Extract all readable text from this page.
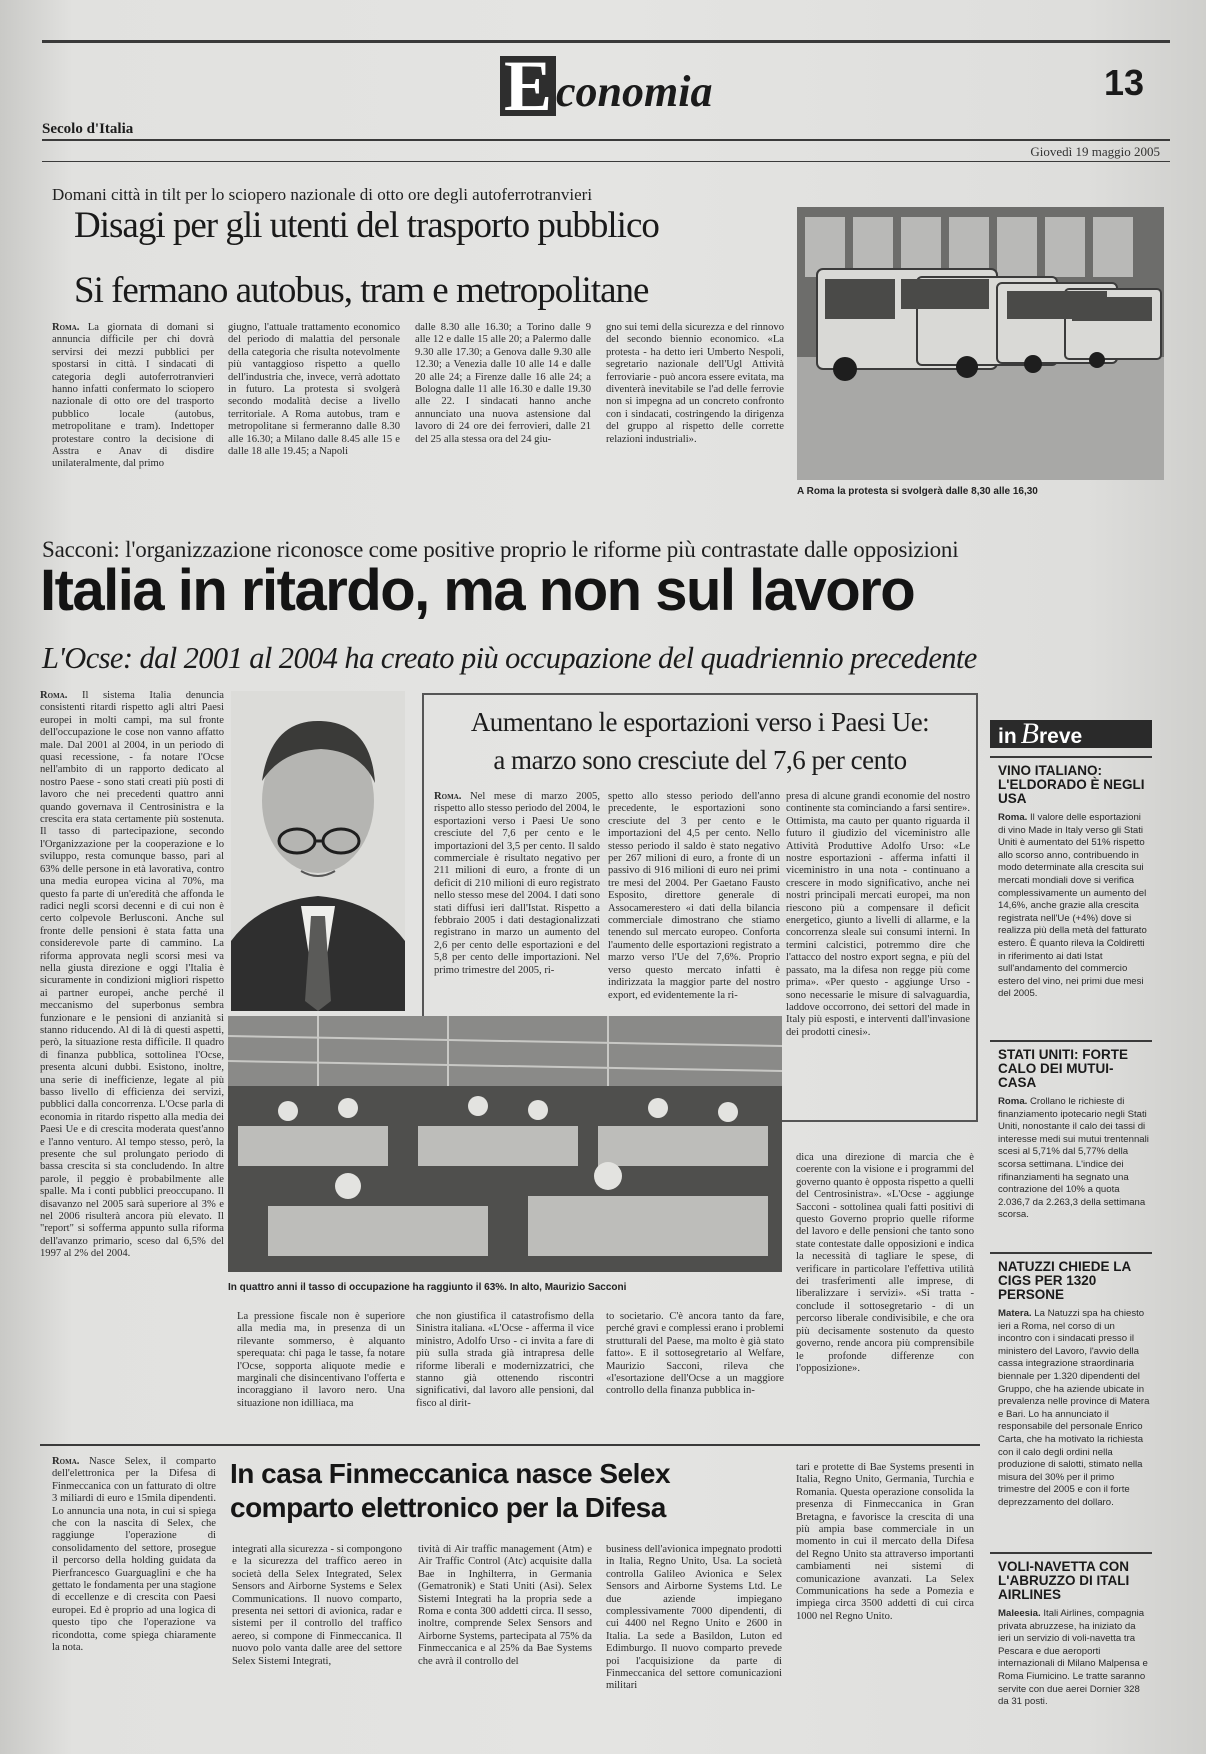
Economia	13
Secolo d'Italia
Giovedì 19 maggio 2005
Domani città in tilt per lo sciopero nazionale di otto ore degli autoferrotranvieri
Disagi per gli utenti del trasporto pubblico
Si fermano autobus, tram e metropolitane
Roma. La giornata di domani si annuncia difficile per chi dovrà servirsi dei mezzi pubblici per spostarsi in città. I sindacati di categoria degli autoferrotranvieri hanno infatti confermato lo sciopero nazionale di otto ore del trasporto pubblico locale (autobus, metropolitane e tram). Indettoper protestare contro la decisione di Asstra e Anav di disdire unilateralmente, dal primo
giugno, l'attuale trattamento economico del periodo di malattia del personale della categoria che risulta notevolmente più vantaggioso rispetto a quello dell'industria che, invece, verrà adottato in futuro. La protesta si svolgerà secondo modalità decise a livello territoriale. A Roma autobus, tram e metropolitane si fermeranno dalle 8.30 alle 16.30; a Milano dalle 8.45 alle 15 e dalle 18 alle 19.45; a Napoli
dalle 8.30 alle 16.30; a Torino dalle 9 alle 12 e dalle 15 alle 20; a Palermo dalle 9.30 alle 17.30; a Genova dalle 9.30 alle 12.30; a Venezia dalle 10 alle 14 e dalle 20 alle 24; a Firenze dalle 16 alle 24; a Bologna dalle 11 alle 16.30 e dalle 19.30 alle 22. I sindacati hanno anche annunciato una nuova astensione dal lavoro di 24 ore dei ferrovieri, dalle 21 del 25 alla stessa ora del 24 giu-
gno sui temi della sicurezza e del rinnovo del secondo biennio economico. «La protesta - ha detto ieri Umberto Nespoli, segretario nazionale dell'Ugl Attività ferroviarie - può ancora essere evitata, ma diventerà inevitabile se l'ad delle ferrovie non si impegna ad un concreto confronto con i sindacati, costringendo la dirigenza del gruppo al rispetto delle corrette relazioni industriali».
A Roma la protesta si svolgerà dalle 8,30 alle 16,30
Sacconi: l'organizzazione riconosce come positive proprio le riforme più contrastate dalle opposizioni
Italia in ritardo, ma non sul lavoro
L'Ocse: dal 2001 al 2004 ha creato più occupazione del quadriennio precedente
Roma. Il sistema Italia denuncia consistenti ritardi rispetto agli altri Paesi europei in molti campi, ma sul fronte dell'occupazione le cose non vanno affatto male. Dal 2001 al 2004, in un periodo di quasi recessione, - fa notare l'Ocse nell'ambito di un rapporto dedicato al nostro Paese - sono stati creati più posti di lavoro che nei precedenti quattro anni quando governava il Centrosinistra e la crescita era stata certamente più sostenuta. Il tasso di partecipazione, secondo l'Organizzazione per la cooperazione e lo sviluppo, resta comunque basso, pari al 63% delle persone in età lavorativa, contro una media europea vicina al 70%, ma questo fa parte di un'eredità che affonda le radici negli scorsi decenni e di cui non è certo colpevole Berlusconi. Anche sul fronte delle pensioni è stata fatta una considerevole parte di cammino. La riforma approvata negli scorsi mesi va nella giusta direzione e oggi l'Italia è sicuramente in condizioni migliori rispetto ai partner europei, anche perché il meccanismo del superbonus sembra funzionare e le pensioni di anzianità si stanno riducendo. Al di là di questi aspetti, però, la situazione resta difficile. Il quadro di finanza pubblica, sottolinea l'Ocse, presenta alcuni dubbi. Esistono, inoltre, una serie di inefficienze, legate al più basso livello di efficienza dei servizi, pubblici dalla concorrenza. L'Ocse parla di economia in ritardo rispetto alla media dei Paesi Ue e di crescita moderata quest'anno e l'anno venturo. Al tempo stesso, però, la presente che sul prolungato periodo di bassa crescita si sta concludendo. In altre parole, il peggio è probabilmente alle spalle. Ma i conti pubblici preoccupano. Il disavanzo nel 2005 sarà superiore al 3% e nel 2006 risulterà ancora più elevato. Il "report" si sofferma appunto sulla riforma dell'avanzo primario, sceso dal 6,5% del 1997 al 2% del 2004.
Aumentano le esportazioni verso i Paesi Ue:
a marzo sono cresciute del 7,6 per cento
Roma. Nel mese di marzo 2005, rispetto allo stesso periodo del 2004, le esportazioni verso i Paesi Ue sono cresciute del 7,6 per cento e le importazioni del 3,5 per cento. Il saldo commerciale è risultato negativo per 211 milioni di euro, a fronte di un deficit di 210 milioni di euro registrato nello stesso mese del 2004. I dati sono stati diffusi ieri dall'Istat. Rispetto a febbraio 2005 i dati destagionalizzati registrano in marzo un aumento del 2,6 per cento delle esportazioni e del 5,8 per cento delle importazioni. Nel primo trimestre del 2005, ri-
spetto allo stesso periodo dell'anno precedente, le esportazioni sono cresciute del 3 per cento e le importazioni del 4,5 per cento. Nello stesso periodo il saldo è stato negativo per 267 milioni di euro, a fronte di un passivo di 916 milioni di euro nei primi tre mesi del 2004. Per Gaetano Fausto Esposito, direttore generale di Assocamerestero «i dati della bilancia commerciale dimostrano che stiamo tenendo sul mercato europeo. Conforta l'aumento delle esportazioni registrato a marzo verso l'Ue del 7,6%. Proprio verso questo mercato infatti è indirizzata la maggior parte del nostro export, ed evidentemente la ri-
presa di alcune grandi economie del nostro continente sta cominciando a farsi sentire». Ottimista, ma cauto per quanto riguarda il futuro il giudizio del viceministro alle Attività Produttive Adolfo Urso: «Le nostre esportazioni - afferma infatti il viceministro in una nota - continuano a crescere in modo significativo, anche nei nostri principali mercati europei, ma non riescono più a compensare il deficit energetico, giunto a livelli di allarme, e la concorrenza sleale sui consumi interni. In termini calcistici, potremmo dire che l'attacco del nostro export segna, e più del passato, ma la difesa non regge più come prima». «Per questo - aggiunge Urso - sono necessarie le misure di salvaguardia, laddove occorrono, dei settori del made in Italy più esposti, e interventi dall'invasione dei prodotti cinesi».
In quattro anni il tasso di occupazione ha raggiunto il 63%. In alto, Maurizio Sacconi
La pressione fiscale non è superiore alla media ma, in presenza di un rilevante sommerso, è alquanto sperequata: chi paga le tasse, fa notare l'Ocse, sopporta aliquote medie e marginali che disincentivano l'offerta e incoraggiano il lavoro nero. Una situazione non idilliaca, ma
che non giustifica il catastrofismo della Sinistra italiana. «L'Ocse - afferma il vice ministro, Adolfo Urso - ci invita a fare di più sulla strada già intrapresa delle riforme liberali e modernizzatrici, che stanno già ottenendo riscontri significativi, dal lavoro alle pensioni, dal fisco al dirit-
to societario. C'è ancora tanto da fare, perché gravi e complessi erano i problemi strutturali del Paese, ma molto è già stato fatto». E il sottosegretario al Welfare, Maurizio Sacconi, rileva che «l'esortazione dell'Ocse a un maggiore controllo della finanza pubblica in-
dica una direzione di marcia che è coerente con la visione e i programmi del governo quanto è opposta rispetto a quelli del Centrosinistra». «L'Ocse - aggiunge Sacconi - sottolinea quali fatti positivi di questo Governo proprio quelle riforme del lavoro e delle pensioni che tanto sono state contestate dalle opposizioni e indica la necessità di tagliare le spese, di verificare in particolare l'effettiva utilità dei trasferimenti alle imprese, di liberalizzare i servizi». «Si tratta - conclude il sottosegretario - di un percorso liberale condivisibile, e che ora più decisamente sostenuto da questo governo, rende ancora più comprensibile le profonde differenze con l'opposizione».
in Breve
VINO ITALIANO: L'ELDORADO È NEGLI USA
Roma. Il valore delle esportazioni di vino Made in Italy verso gli Stati Uniti è aumentato del 51% rispetto allo scorso anno, contribuendo in modo determinate alla crescita sui mercati mondiali dove si verifica complessivamente un aumento del 14,6%, anche grazie alla crescita registrata nell'Ue (+4%) dove si realizza più della metà del fatturato estero. È quanto rileva la Coldiretti in riferimento ai dati Istat sull'andamento del commercio estero del vino, nei primi due mesi del 2005.
STATI UNITI: FORTE CALO DEI MUTUI-CASA
Roma. Crollano le richieste di finanziamento ipotecario negli Stati Uniti, nonostante il calo dei tassi di interesse medi sui mutui trentennali scesi al 5,71% dal 5,77% della scorsa settimana. L'indice dei rifinanziamenti ha segnato una contrazione del 10% a quota 2.036,7 da 2.263,3 della settimana scorsa.
NATUZZI CHIEDE LA CIGS PER 1320 PERSONE
Matera. La Natuzzi spa ha chiesto ieri a Roma, nel corso di un incontro con i sindacati presso il ministero del Lavoro, l'avvio della cassa integrazione straordinaria biennale per 1.320 dipendenti del Gruppo, che ha aziende ubicate in prevalenza nelle province di Matera e Bari. Lo ha annunciato il responsabile del personale Enrico Carta, che ha motivato la richiesta con il calo degli ordini nella produzione di salotti, stimato nella misura del 30% per il primo trimestre del 2005 e con il forte deprezzamento del dollaro.
VOLI-NAVETTA CON L'ABRUZZO DI ITALI AIRLINES
Maleesia. Itali Airlines, compagnia privata abruzzese, ha iniziato da ieri un servizio di voli-navetta tra Pescara e due aeroporti internazionali di Milano Malpensa e Roma Fiumicino. Le tratte saranno servite con due aerei Dornier 328 da 31 posti.
Roma. Nasce Selex, il comparto dell'elettronica per la Difesa di Finmeccanica con un fatturato di oltre 3 miliardi di euro e 15mila dipendenti. Lo annuncia una nota, in cui si spiega che con la nascita di Selex, che raggiunge l'operazione di consolidamento del settore, prosegue il percorso della holding guidata da Pierfrancesco Guarguaglini e che ha gettato le fondamenta per una stagione di eccellenze e di crescita con Paesi europei. Ed è proprio ad una logica di questo tipo che l'operazione va ricondotta, come spiega chiaramente la nota.
In casa Finmeccanica nasce Selex
comparto elettronico per la Difesa
integrati alla sicurezza - si compongono e la sicurezza del traffico aereo in società della Selex Integrated, Selex Sensors and Airborne Systems e Selex Communications. Il nuovo comparto, presenta nei settori di avionica, radar e sistemi per il controllo del traffico aereo, si compone di Finmeccanica. Il nuovo polo vanta dalle aree del settore Selex Sistemi Integrati,
tività di Air traffic management (Atm) e Air Traffic Control (Atc) acquisite dalla Bae in Inghilterra, in Germania (Gematronik) e Stati Uniti (Asi). Selex Sistemi Integrati ha la propria sede a Roma e conta 300 addetti circa. Il sesso, inoltre, comprende Selex Sensors and Airborne Systems, partecipata al 75% da Finmeccanica e al 25% da Bae Systems che avrà il controllo del
business dell'avionica impegnato prodotti in Italia, Regno Unito, Usa. La società controlla Galileo Avionica e Selex Sensors and Airborne Systems Ltd. Le due aziende impiegano complessivamente 7000 dipendenti, di cui 4400 nel Regno Unito e 2600 in Italia. La sede a Basildon, Luton ed Edimburgo. Il nuovo comparto prevede poi l'acquisizione da parte di Finmeccanica del settore comunicazioni militari
tari e protette di Bae Systems presenti in Italia, Regno Unito, Germania, Turchia e Romania. Questa operazione consolida la presenza di Finmeccanica in Gran Bretagna, e favorisce la crescita di una più ampia base commerciale in un momento in cui il mercato della Difesa del Regno Unito sta attraverso importanti cambiamenti nei sistemi di comunicazione avanzati. La Selex Communications ha sede a Pomezia e impiega circa 3500 addetti di cui circa 1000 nel Regno Unito.
